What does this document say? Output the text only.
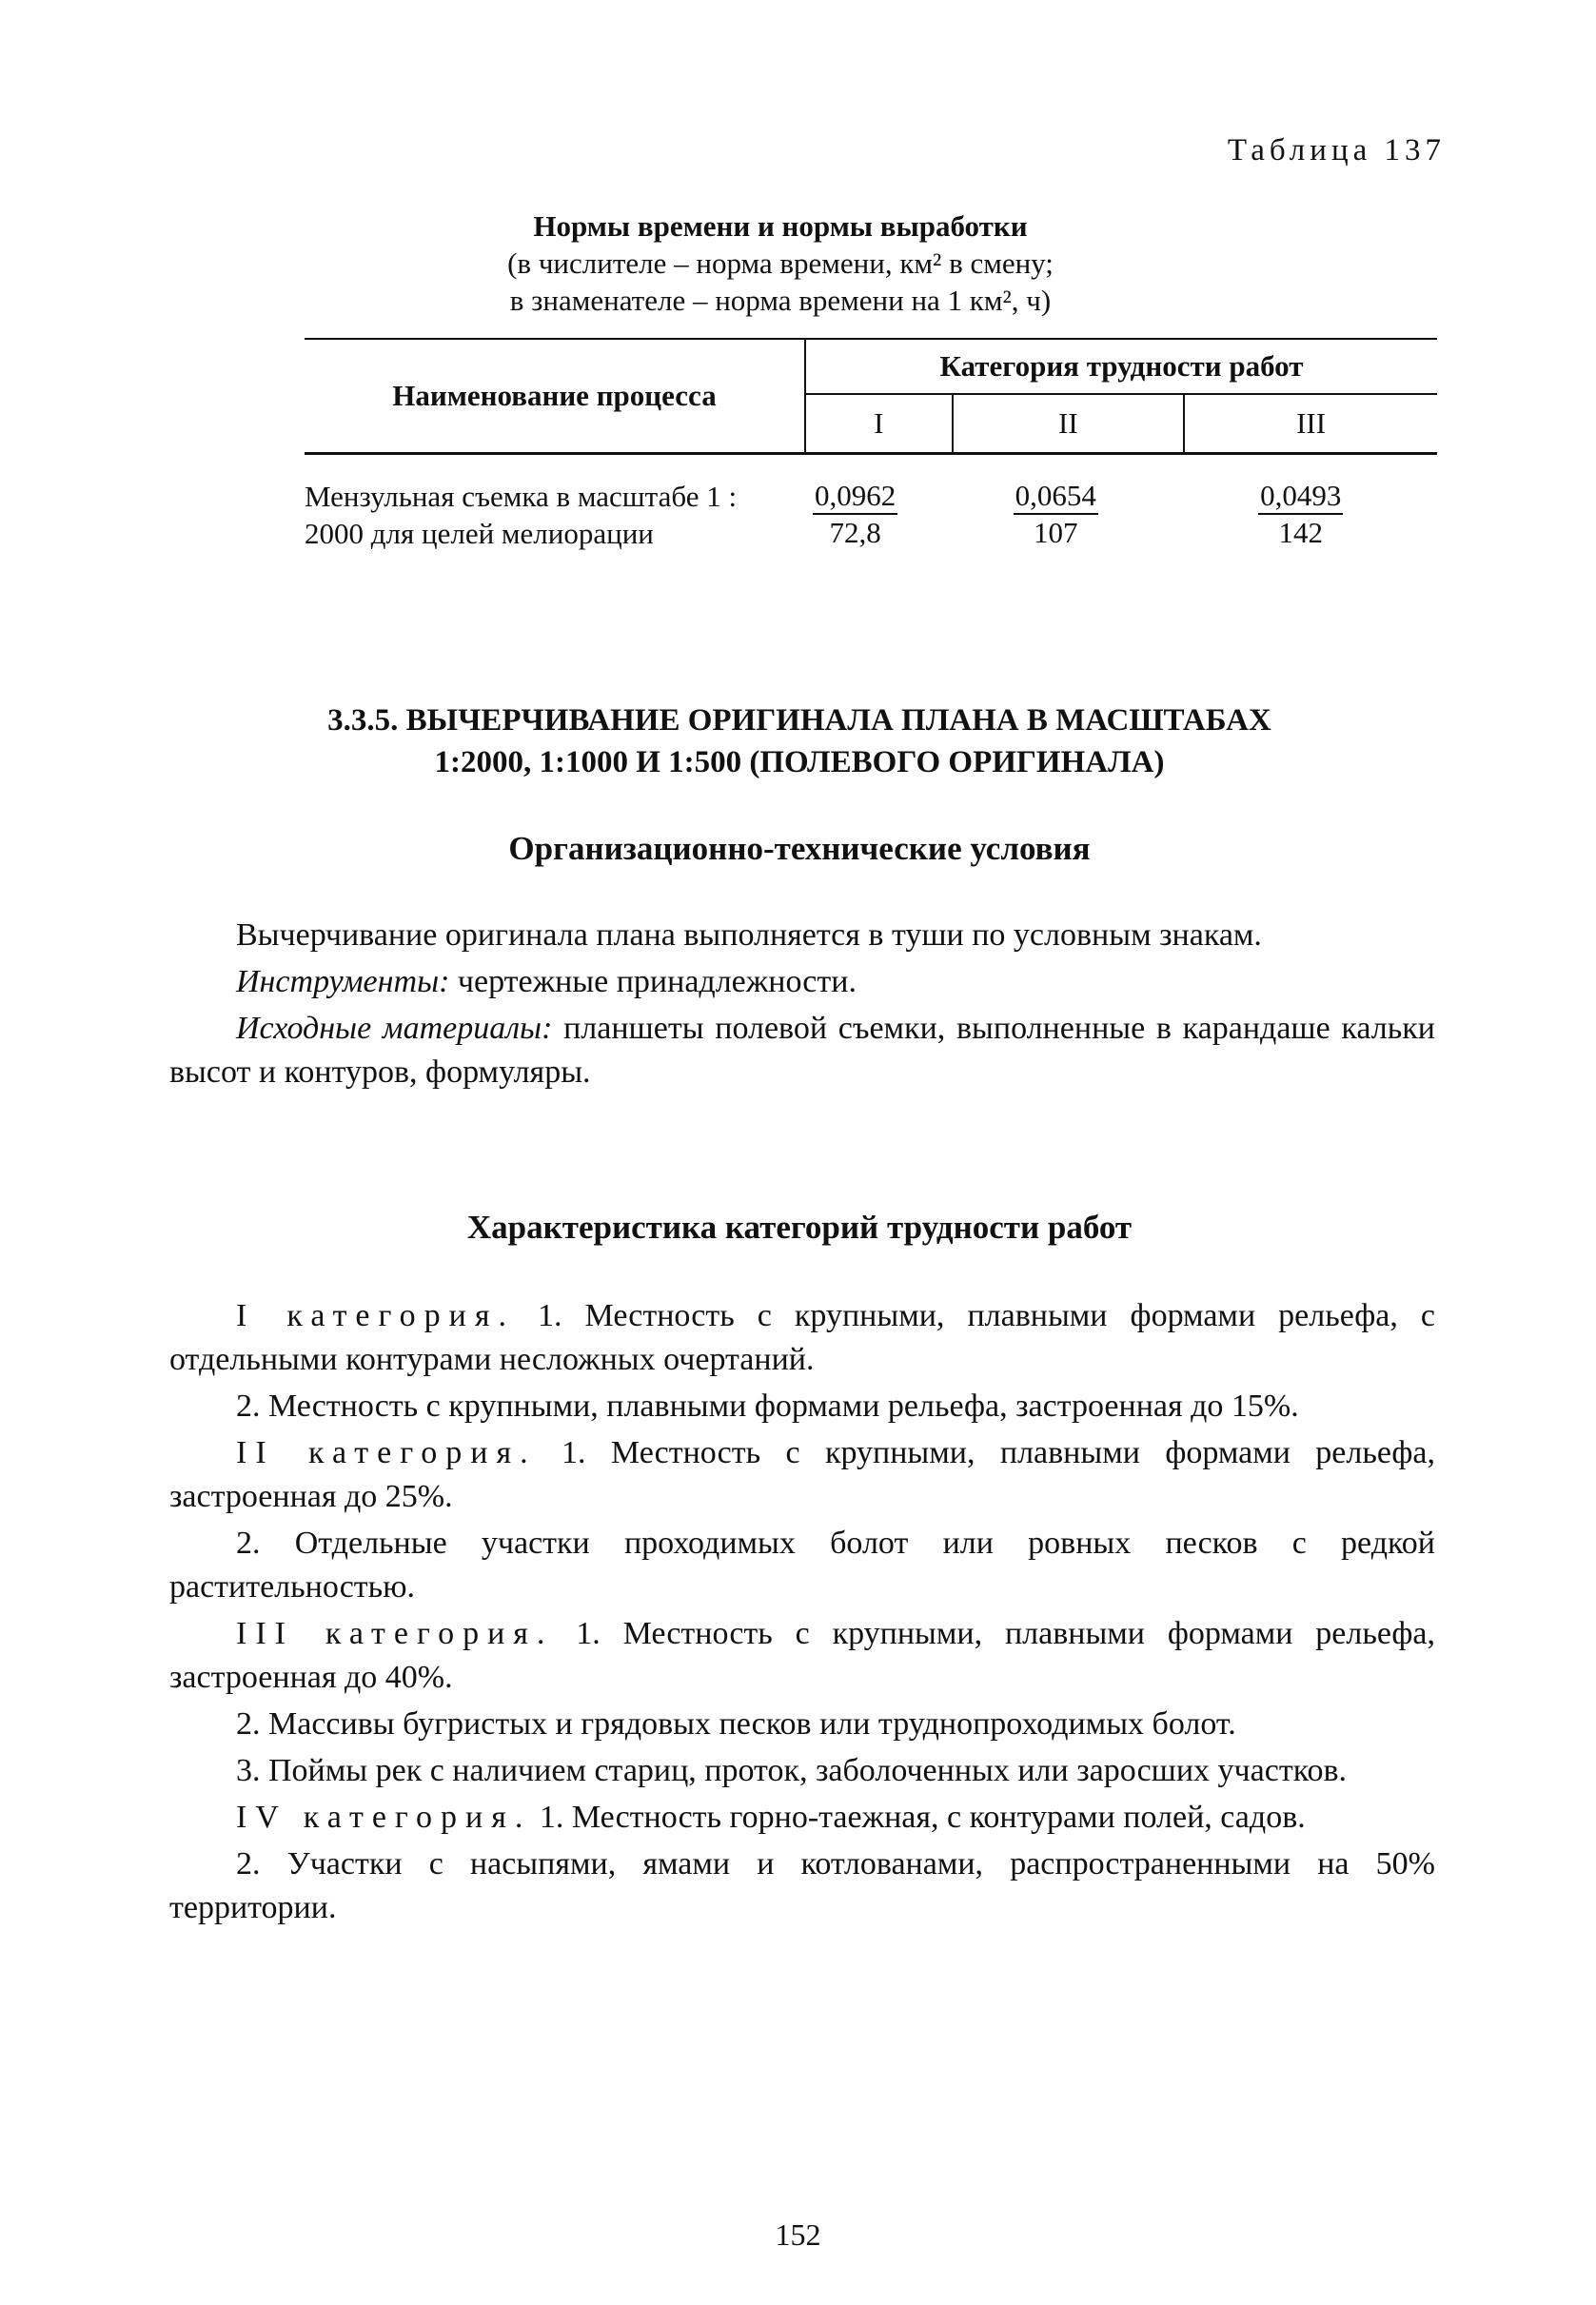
Таблица 137
Нормы времени и нормы выработки
(в числителе – норма времени, км² в смену;
в знаменателе – норма времени на 1 км², ч)
Наименование процесса	Категория трудности работ		
	I	II	III
Мензульная съемка в масштабе 1 : 2000 для целей мелиорации	$\frac{0,0962}{72,8}$	$\frac{0,0654}{107}$	$\frac{0,0493}{142}$
3.3.5. ВЫЧЕРЧИВАНИЕ ОРИГИНАЛА ПЛАНА В МАСШТАБАХ
1:2000, 1:1000 И 1:500 (ПОЛЕВОГО ОРИГИНАЛА)
Организационно-технические условия

Вычерчивание оригинала плана выполняется в туши по условным знакам.

Инструменты: чертежные принадлежности.

Исходные материалы: планшеты полевой съемки, выполненные в карандаше кальки высот и контуров, формуляры.

Характеристика категорий трудности работ

I категория. 1. Местность с крупными, плавными формами рельефа, с отдельными контурами несложных очертаний.

2. Местность с крупными, плавными формами рельефа, застроенная до 15%.

II категория. 1. Местность с крупными, плавными формами рельефа, застроенная до 25%.

2. Отдельные участки проходимых болот или ровных песков с редкой растительностью.

III категория. 1. Местность с крупными, плавными формами рельефа, застроенная до 40%.

2. Массивы бугристых и грядовых песков или труднопроходимых болот.

3. Поймы рек с наличием стариц, проток, заболоченных или заросших участков.

IV категория. 1. Местность горно-таежная, с контурами полей, садов.

2. Участки с насыпями, ямами и котлованами, распространенными на 50% территории.

152
